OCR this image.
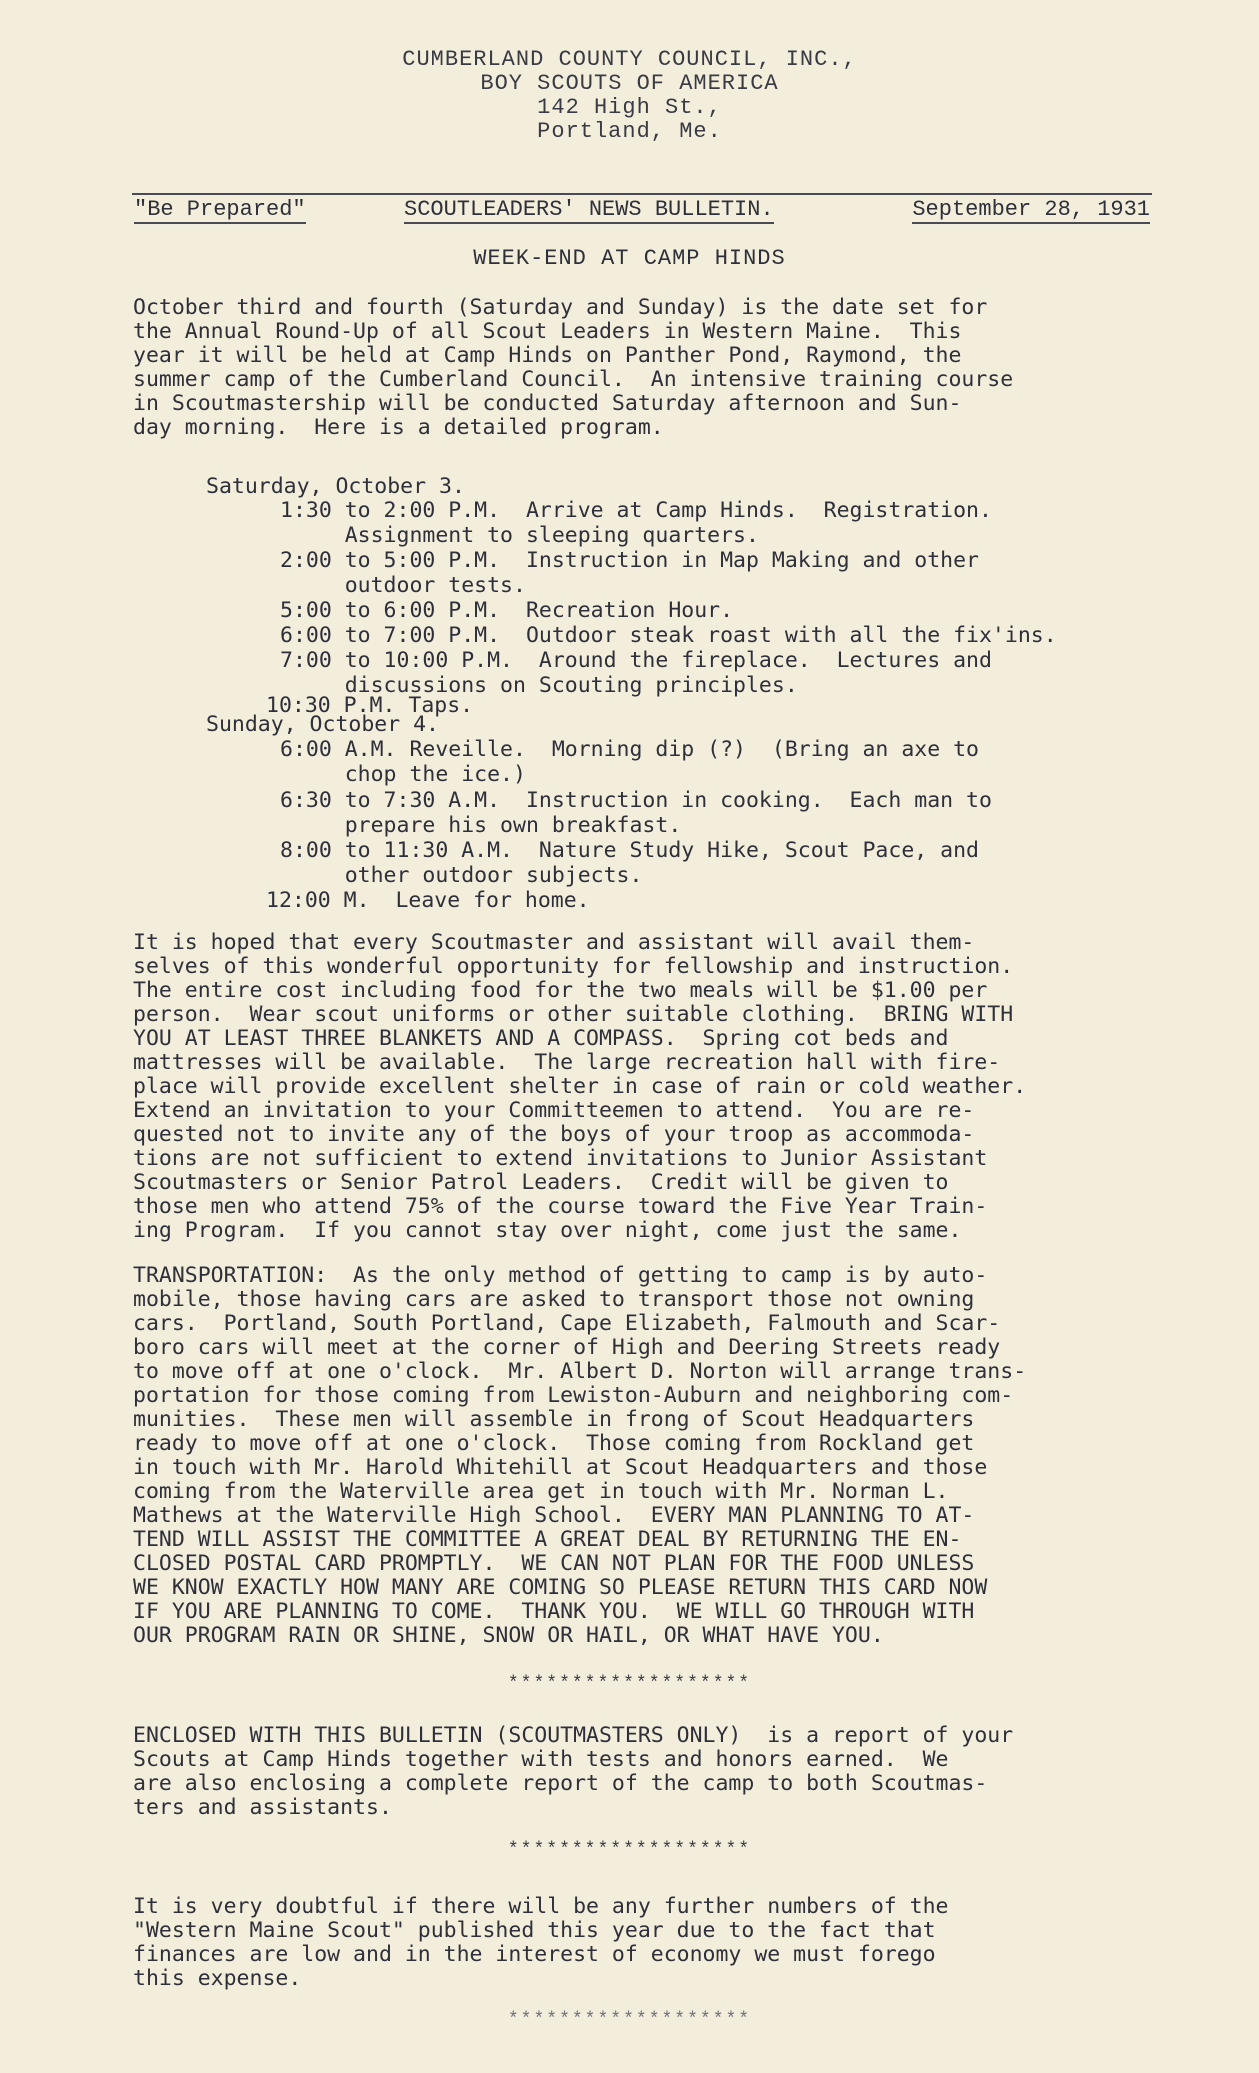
CUMBERLAND COUNTY COUNCIL, INC.,
BOY SCOUTS OF AMERICA
142 High St.,
Portland, Me.
"Be Prepared"	SCOUTLEADERS' NEWS BULLETIN.	September 28, 1931
WEEK-END AT CAMP HINDS
October third and fourth (Saturday and Sunday) is the date set for
the Annual Round-Up of all Scout Leaders in Western Maine.  This
year it will be held at Camp Hinds on Panther Pond, Raymond, the
summer camp of the Cumberland Council.  An intensive training course
in Scoutmastership will be conducted Saturday afternoon and Sun-
day morning.  Here is a detailed program.
Saturday, October 3.
1:30 to 2:00 P.M.  Arrive at Camp Hinds.  Registration.
Assignment to sleeping quarters.
2:00 to 5:00 P.M.  Instruction in Map Making and other
outdoor tests.
5:00 to 6:00 P.M.  Recreation Hour.
6:00 to 7:00 P.M.  Outdoor steak roast with all the fix'ins.
7:00 to 10:00 P.M.  Around the fireplace.  Lectures and
discussions on Scouting principles.
10:30 P.M. Taps.
Sunday, October 4.
6:00 A.M. Reveille.  Morning dip (?)  (Bring an axe to
chop the ice.)
6:30 to 7:30 A.M.  Instruction in cooking.  Each man to
prepare his own breakfast.
8:00 to 11:30 A.M.  Nature Study Hike, Scout Pace, and
other outdoor subjects.
12:00 M.  Leave for home.
It is hoped that every Scoutmaster and assistant will avail them-
selves of this wonderful opportunity for fellowship and instruction.
The entire cost including food for the two meals will be $1.00 per
person.  Wear scout uniforms or other suitable clothing.  BRING WITH
YOU AT LEAST THREE BLANKETS AND A COMPASS.  Spring cot beds and
mattresses will be available.  The large recreation hall with fire-
place will provide excellent shelter in case of rain or cold weather.
Extend an invitation to your Committeemen to attend.  You are re-
quested not to invite any of the boys of your troop as accommoda-
tions are not sufficient to extend invitations to Junior Assistant
Scoutmasters or Senior Patrol Leaders.  Credit will be given to
those men who attend 75% of the course toward the Five Year Train-
ing Program.  If you cannot stay over night, come just the same.
TRANSPORTATION:  As the only method of getting to camp is by auto-
mobile, those having cars are asked to transport those not owning
cars.  Portland, South Portland, Cape Elizabeth, Falmouth and Scar-
boro cars will meet at the corner of High and Deering Streets ready
to move off at one o'clock.  Mr. Albert D. Norton will arrange trans-
portation for those coming from Lewiston-Auburn and neighboring com-
munities.  These men will assemble in frong of Scout Headquarters
ready to move off at one o'clock.  Those coming from Rockland get
in touch with Mr. Harold Whitehill at Scout Headquarters and those
coming from the Waterville area get in touch with Mr. Norman L.
Mathews at the Waterville High School.  EVERY MAN PLANNING TO AT-
TEND WILL ASSIST THE COMMITTEE A GREAT DEAL BY RETURNING THE EN-
CLOSED POSTAL CARD PROMPTLY.  WE CAN NOT PLAN FOR THE FOOD UNLESS
WE KNOW EXACTLY HOW MANY ARE COMING SO PLEASE RETURN THIS CARD NOW
IF YOU ARE PLANNING TO COME.  THANK YOU.  WE WILL GO THROUGH WITH
OUR PROGRAM RAIN OR SHINE, SNOW OR HAIL, OR WHAT HAVE YOU.
*******************
ENCLOSED WITH THIS BULLETIN (SCOUTMASTERS ONLY)  is a report of your
Scouts at Camp Hinds together with tests and honors earned.  We
are also enclosing a complete report of the camp to both Scoutmas-
ters and assistants.
*******************
It is very doubtful if there will be any further numbers of the
"Western Maine Scout" published this year due to the fact that
finances are low and in the interest of economy we must forego
this expense.
*******************
